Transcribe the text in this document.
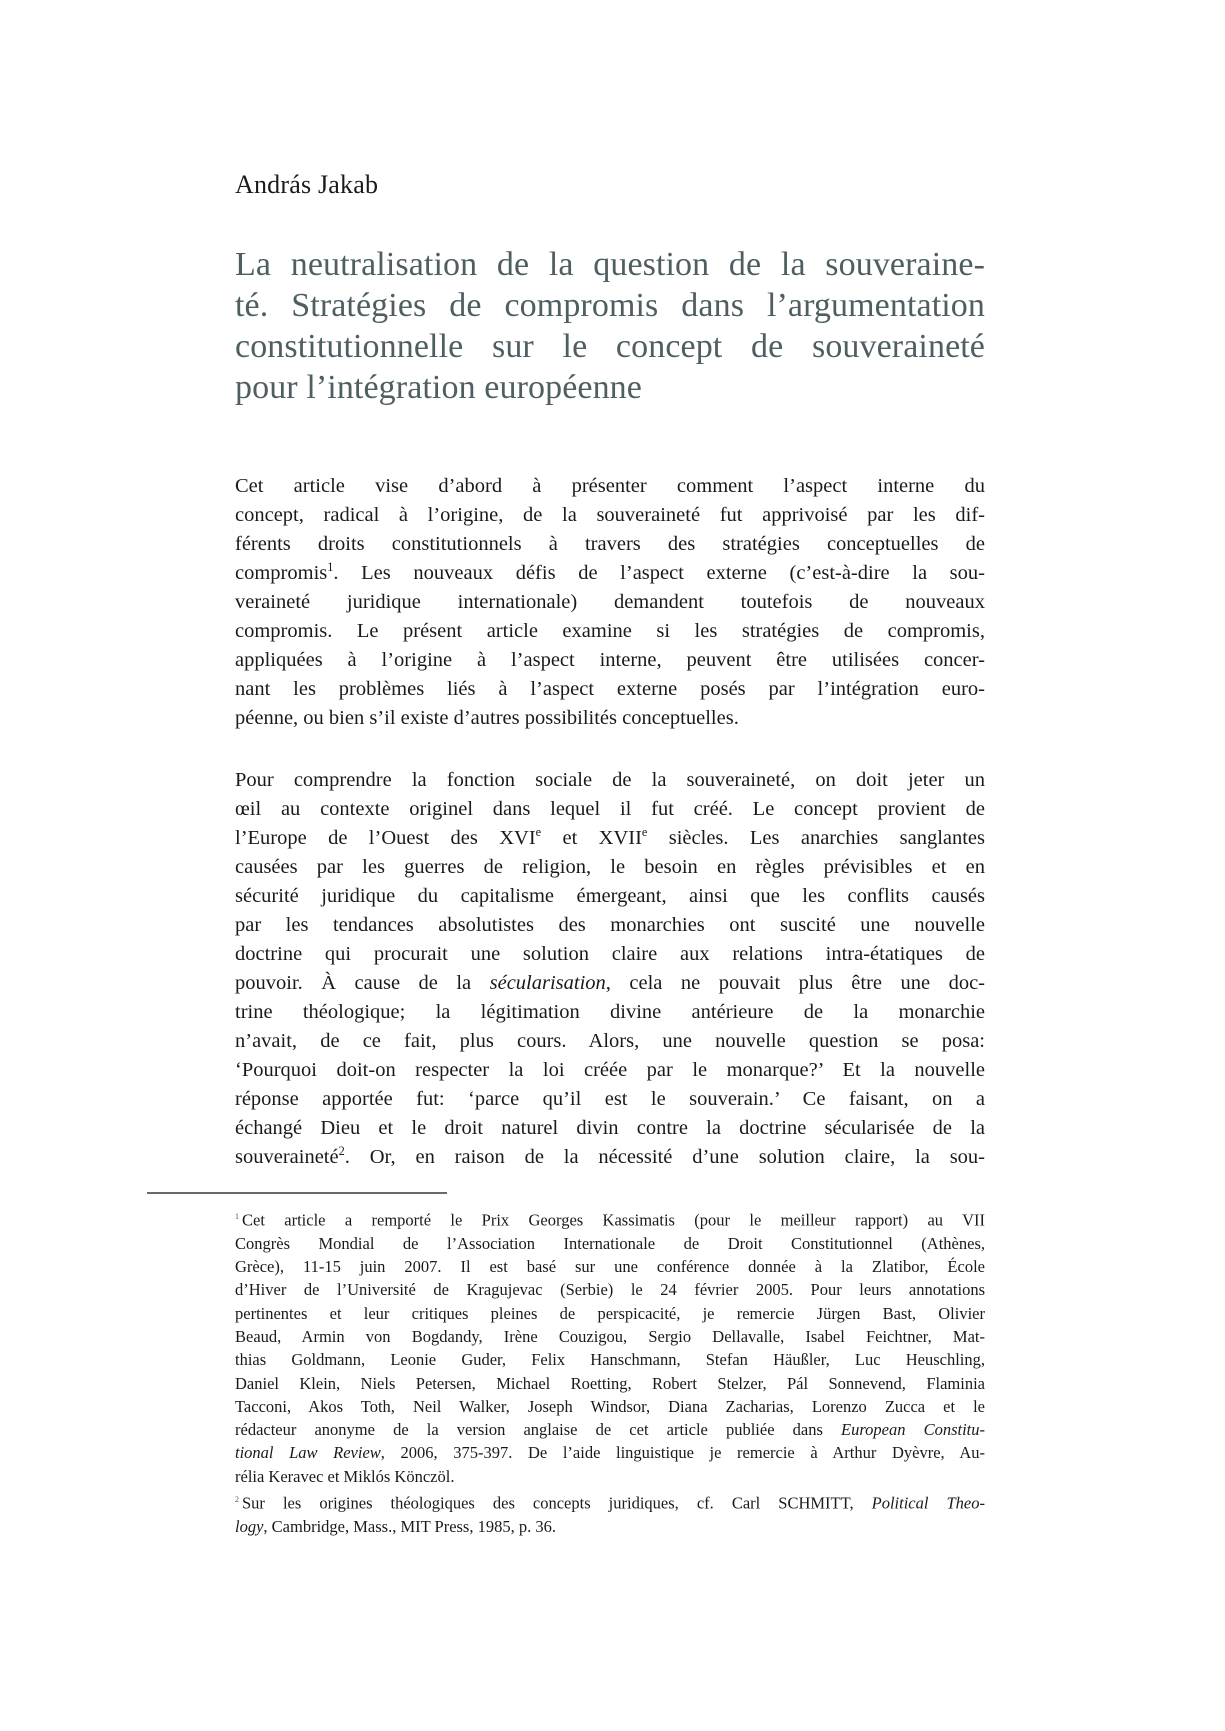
András Jakab
La neutralisation de la question de la souveraine-
té. Stratégies de compromis dans l’argumentation
constitutionnelle sur le concept de souveraineté
pour l’intégration européenne
Cet article vise d’abord à présenter comment l’aspect interne du
concept, radical à l’origine, de la souveraineté fut apprivoisé par les dif-
férents droits constitutionnels à travers des stratégies conceptuelles de
compromis$^1$. Les nouveaux défis de l’aspect externe (c’est-à-dire la sou-
veraineté juridique internationale) demandent toutefois de nouveaux
compromis. Le présent article examine si les stratégies de compromis,
appliquées à l’origine à l’aspect interne, peuvent être utilisées concer-
nant les problèmes liés à l’aspect externe posés par l’intégration euro-
péenne, ou bien s’il existe d’autres possibilités conceptuelles.
Pour comprendre la fonction sociale de la souveraineté, on doit jeter un
œil au contexte originel dans lequel il fut créé. Le concept provient de
l’Europe de l’Ouest des XVIe et XVIIe siècles. Les anarchies sanglantes
causées par les guerres de religion, le besoin en règles prévisibles et en
sécurité juridique du capitalisme émergeant, ainsi que les conflits causés
par les tendances absolutistes des monarchies ont suscité une nouvelle
doctrine qui procurait une solution claire aux relations intra-étatiques de
pouvoir. À cause de la sécularisation, cela ne pouvait plus être une doc-
trine théologique; la légitimation divine antérieure de la monarchie
n’avait, de ce fait, plus cours. Alors, une nouvelle question se posa:
‘Pourquoi doit-on respecter la loi créée par le monarque?’ Et la nouvelle
réponse apportée fut: ‘parce qu’il est le souverain.’ Ce faisant, on a
échangé Dieu et le droit naturel divin contre la doctrine sécularisée de la
souveraineté$^2$. Or, en raison de la nécessité d’une solution claire, la sou-
$^1$ Cet article a remporté le Prix Georges Kassimatis (pour le meilleur rapport) au VII
Congrès Mondial de l’Association Internationale de Droit Constitutionnel (Athènes,
Grèce), 11-15 juin 2007. Il est basé sur une conférence donnée à la Zlatibor, École
d’Hiver de l’Université de Kragujevac (Serbie) le 24 février 2005. Pour leurs annotations
pertinentes et leur critiques pleines de perspicacité, je remercie Jürgen Bast, Olivier
Beaud, Armin von Bogdandy, Irène Couzigou, Sergio Dellavalle, Isabel Feichtner, Mat-
thias Goldmann, Leonie Guder, Felix Hanschmann, Stefan Häußler, Luc Heuschling,
Daniel Klein, Niels Petersen, Michael Roetting, Robert Stelzer, Pál Sonnevend, Flaminia
Tacconi, Akos Toth, Neil Walker, Joseph Windsor, Diana Zacharias, Lorenzo Zucca et le
rédacteur anonyme de la version anglaise de cet article publiée dans European Constitu-
tional Law Review, 2006, 375-397. De l’aide linguistique je remercie à Arthur Dyèvre, Au-
rélia Keravec et Miklós Könczöl.
$^2$ Sur les origines théologiques des concepts juridiques, cf. Carl SCHMITT, Political Theo-
logy, Cambridge, Mass., MIT Press, 1985, p. 36.
